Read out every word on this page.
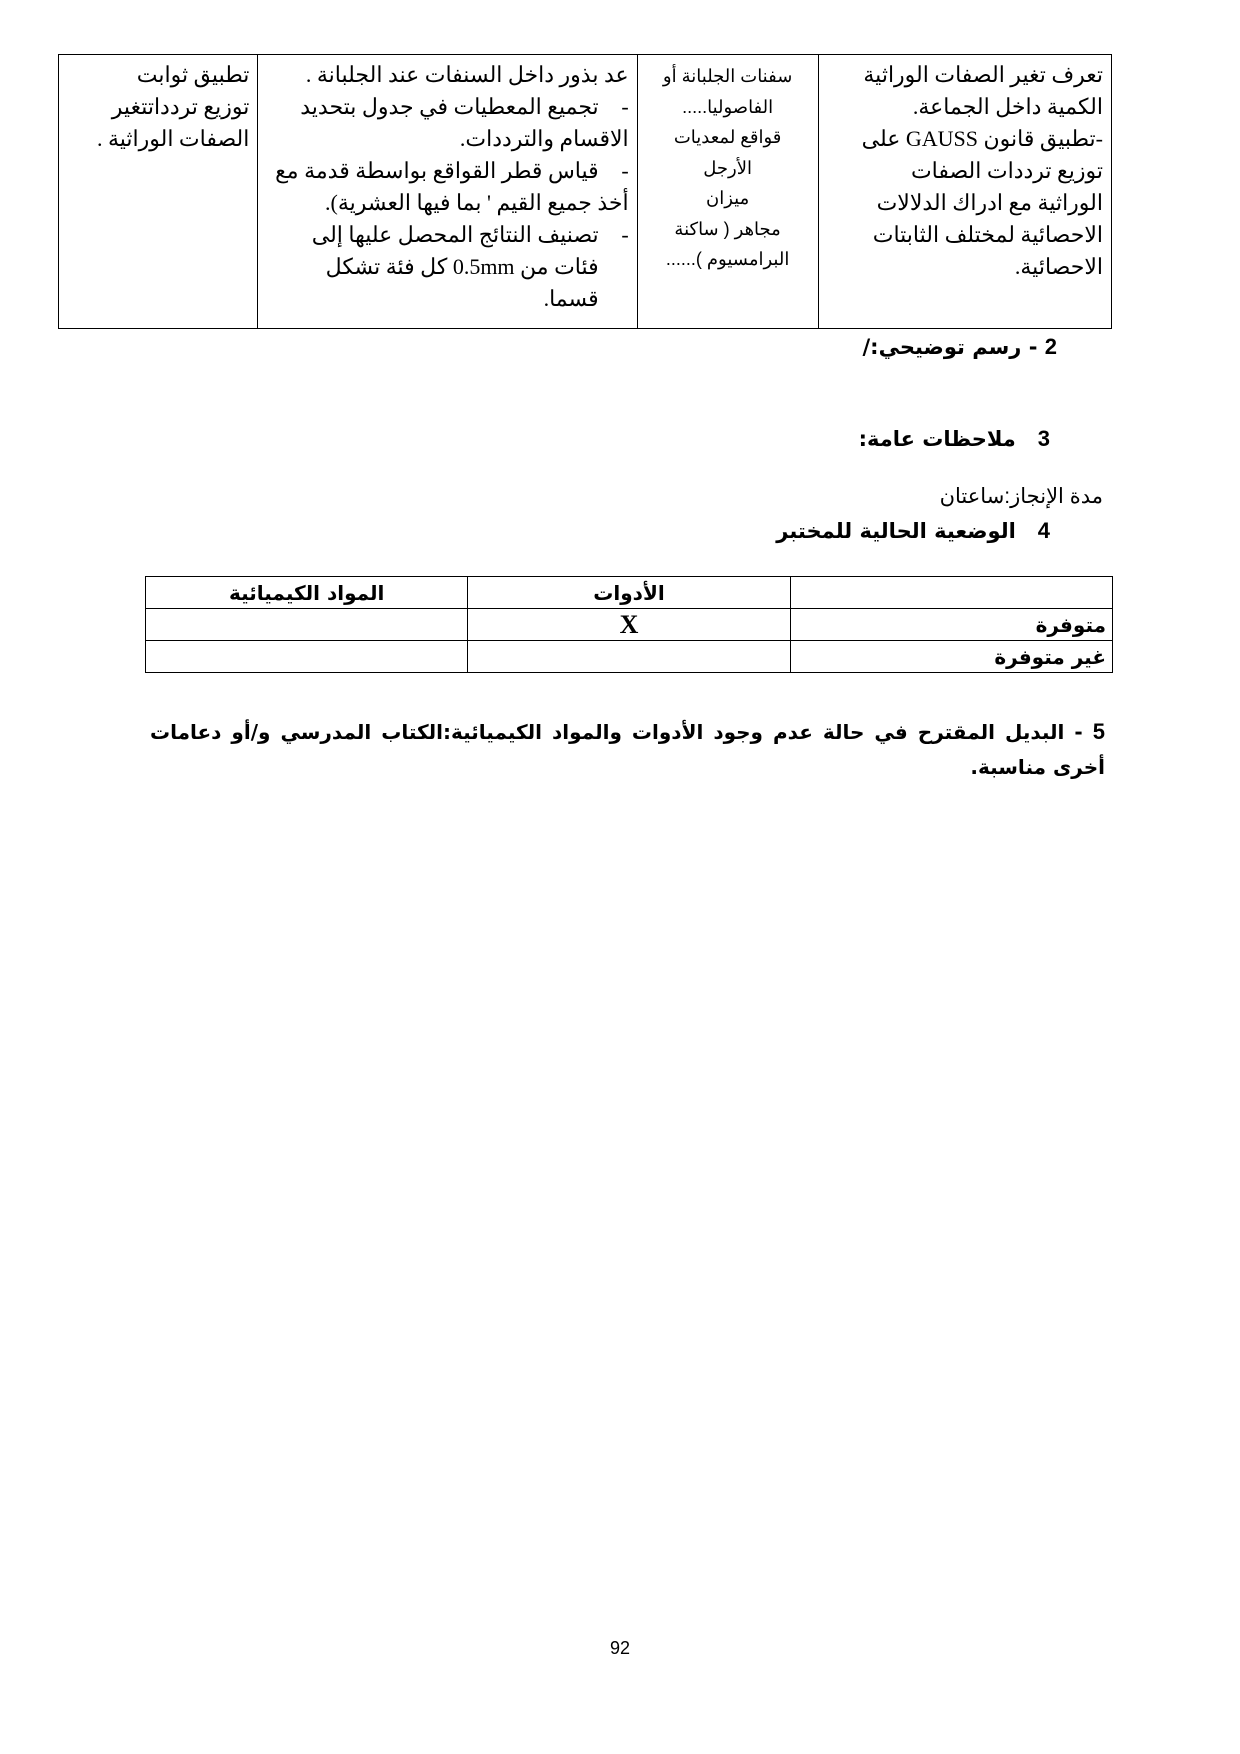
تعرف تغير الصفات الوراثية
الكمية داخل الجماعة.
-تطبيق قانون GAUSS على
توزيع ترددات الصفات
الوراثية مع ادراك الدلالات
الاحصائية لمختلف الثابتات
الاحصائية.

سفنات الجلبانة أو
الفاصوليا.....
قواقع لمعديات
الأرجل
ميزان
مجاهر ( ساكنة
البرامسيوم )......

عد بذور داخل السنفات عند الجلبانة .
-
تجميع المعطيات في جدول بتحديد
الاقسام والترددات.
-
قياس قطر القواقع بواسطة قدمة مع
أخذ جميع القيم ' بما فيها العشرية).
-
تصنيف النتائج المحصل عليها إلى
فئات من 0.5mm كل فئة تشكل
قسما.

تطبيق ثوابت
توزيع تردداتتغير
الصفات الوراثية .
2 - رسم توضيحي:/
3   ملاحظات عامة:
مدة الإنجاز:ساعتان
4   الوضعية الحالية للمختبر
	الأدوات	المواد الكيميائية
متوفرة	X	
غير متوفرة		
5 - البديل المقترح في حالة عدم وجود الأدوات والمواد الكيميائية:الكتاب المدرسي و/أو دعامات أخرى مناسبة.
92
